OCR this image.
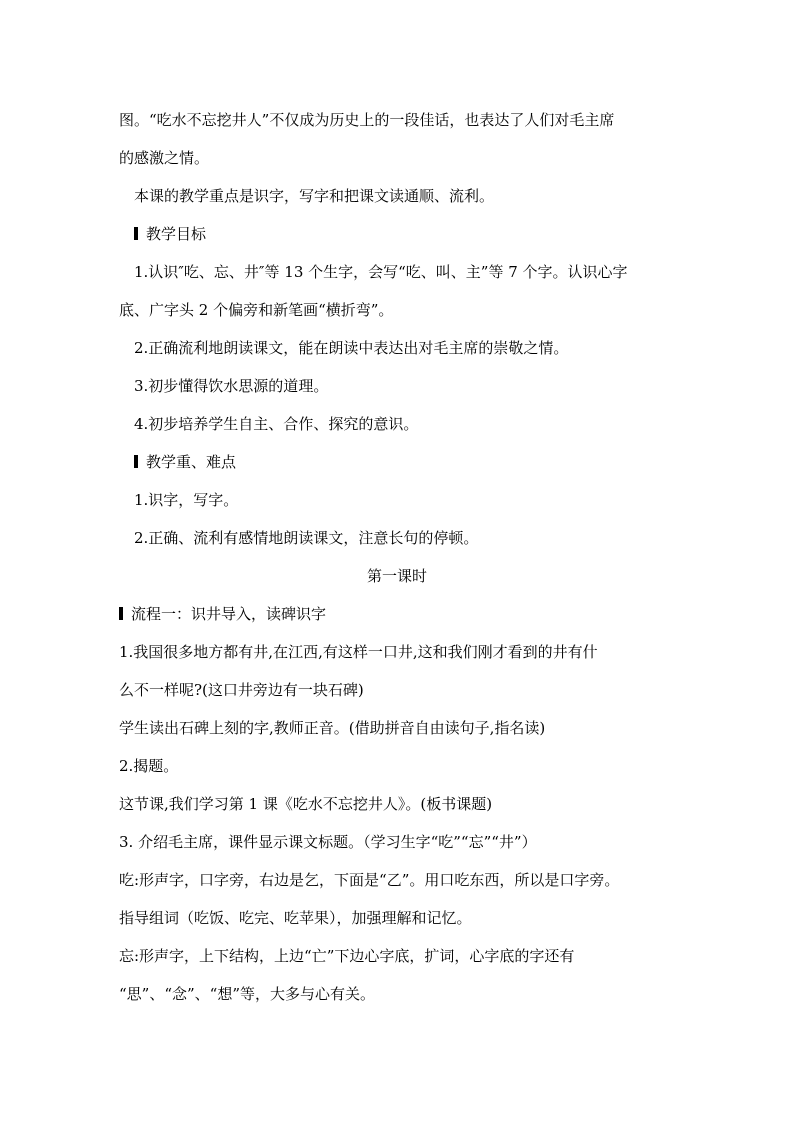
图。“吃水不忘挖井人”不仅成为历史上的一段佳话，也表达了人们对毛主席
的感激之情。
本课的教学重点是识字，写字和把课文读通顺、流利。
教学目标
1.认识″吃、忘、井″等 13 个生字，会写“吃、叫、主”等 7 个字。认识心字
底、广字头 2 个偏旁和新笔画“横折弯”。
2.正确流利地朗读课文，能在朗读中表达出对毛主席的崇敬之情。
3.初步懂得饮水思源的道理。
4.初步培养学生自主、合作、探究的意识。
教学重、难点
1.识字，写字。
2.正确、流利有感情地朗读课文，注意长句的停顿。
第一课时
流程一：识井导入，读碑识字
1.我国很多地方都有井,在江西,有这样一口井,这和我们刚才看到的井有什
么不一样呢?(这口井旁边有一块石碑)
学生读出石碑上刻的字,教师正音。(借助拼音自由读句子,指名读)
2.揭题。
这节课,我们学习第 1 课《吃水不忘挖井人》。(板书课题)
3. 介绍毛主席，课件显示课文标题。（学习生字“吃”“忘”“井”）
吃:形声字，口字旁，右边是乞，下面是“乙”。用口吃东西，所以是口字旁。
指导组词（吃饭、吃完、吃苹果），加强理解和记忆。
忘:形声字，上下结构，上边“亡”下边心字底，扩词，心字底的字还有
“思”、“念”、“想”等，大多与心有关。
